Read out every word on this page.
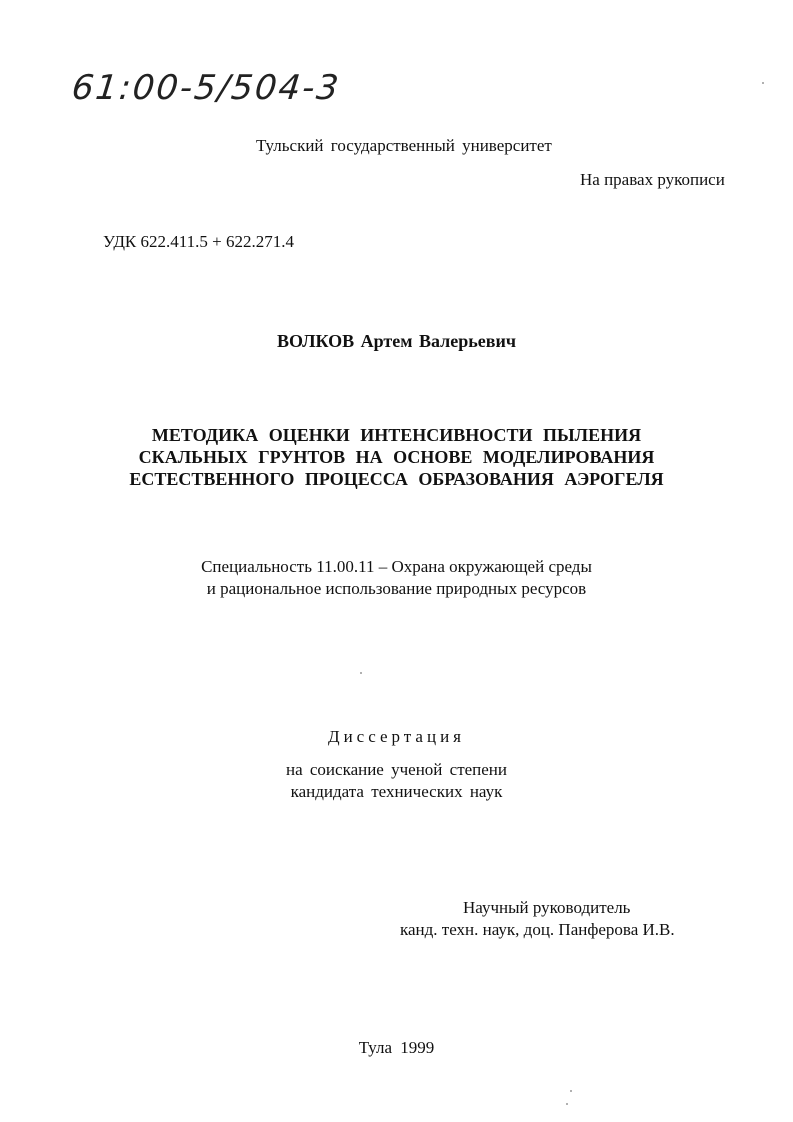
61:00-5/504-3
Тульский государственный университет
На правах рукописи
УДК 622.411.5 + 622.271.4
ВОЛКОВ Артем Валерьевич
МЕТОДИКА ОЦЕНКИ ИНТЕНСИВНОСТИ ПЫЛЕНИЯ
СКАЛЬНЫХ ГРУНТОВ НА ОСНОВЕ МОДЕЛИРОВАНИЯ
ЕСТЕСТВЕННОГО ПРОЦЕССА ОБРАЗОВАНИЯ АЭРОГЕЛЯ
Специальность 11.00.11 – Охрана окружающей среды
и рациональное использование природных ресурсов
Диссертация
на соискание ученой степени
кандидата технических наук
Научный руководитель
канд. техн. наук, доц. Панферова И.В.
Тула 1999
